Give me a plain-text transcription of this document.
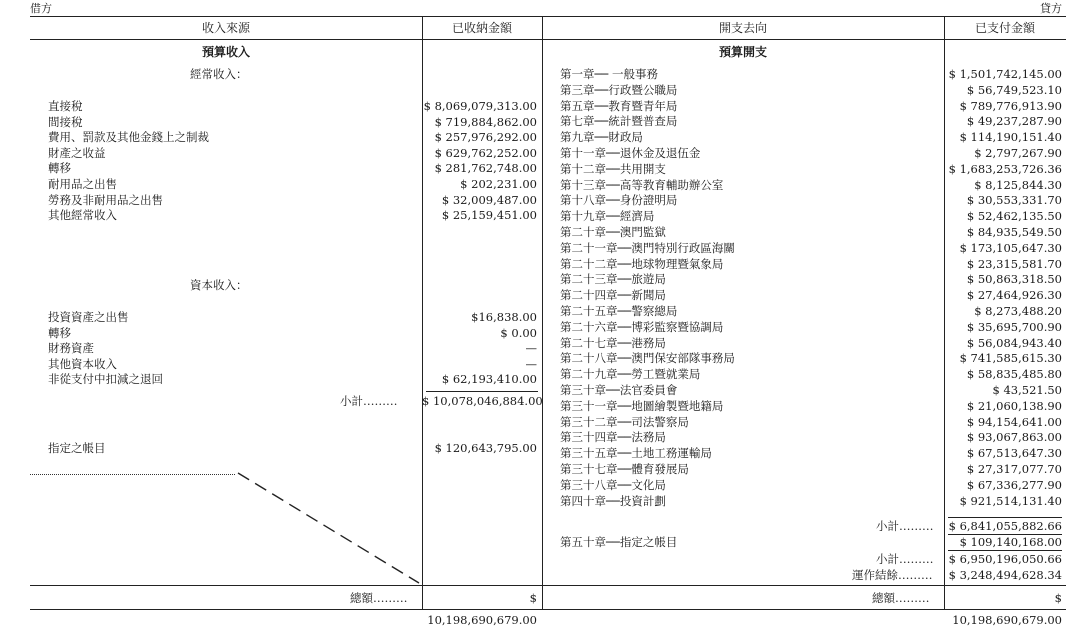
借方	貸方
收入來源	已收納金額	開支去向	已支付金額
預算收入
經常收入：
直接稅	$ 8,069,079,313.00
間接稅	$ 719,884,862.00
費用、罰款及其他金錢上之制裁	$ 257,976,292.00
財產之收益	$ 629,762,252.00
轉移	$ 281,762,748.00
耐用品之出售	$ 202,231.00
勞務及非耐用品之出售	$ 32,009,487.00
其他經常收入	$ 25,159,451.00
資本收入：
投資資產之出售	$16,838.00
轉移	$ 0.00
財務資產	—
其他資本收入	—
非從支付中扣減之退回	$ 62,193,410.00
小計……… $ 10,078,046,884.00
指定之帳目	$ 120,643,795.00
預算開支
第一章── 一般事務	$ 1,501,742,145.00
第三章──行政暨公職局	$ 56,749,523.10
第五章──教育暨青年局	$ 789,776,913.90
第七章──統計暨普查局	$ 49,237,287.90
第九章──財政局	$ 114,190,151.40
第十一章──退休金及退伍金	$ 2,797,267.90
第十二章──共用開支	$ 1,683,253,726.36
第十三章──高等教育輔助辦公室	$ 8,125,844.30
第十八章──身份證明局	$ 30,553,331.70
第十九章──經濟局	$ 52,462,135.50
第二十章──澳門監獄	$ 84,935,549.50
第二十一章──澳門特別行政區海關	$ 173,105,647.30
第二十二章──地球物理暨氣象局	$ 23,315,581.70
第二十三章──旅遊局	$ 50,863,318.50
第二十四章──新聞局	$ 27,464,926.30
第二十五章──警察總局	$ 8,273,488.20
第二十六章──博彩監察暨協調局	$ 35,695,700.90
第二十七章──港務局	$ 56,084,943.40
第二十八章──澳門保安部隊事務局	$ 741,585,615.30
第二十九章──勞工暨就業局	$ 58,835,485.80
第三十章──法官委員會	$ 43,521.50
第三十一章──地圖繪製暨地籍局	$ 21,060,138.90
第三十二章──司法警察局	$ 94,154,641.00
第三十四章──法務局	$ 93,067,863.00
第三十五章──土地工務運輸局	$ 67,513,647.30
第三十七章──體育發展局	$ 27,317,077.70
第三十八章──文化局	$ 67,336,277.90
第四十章──投資計劃	$ 921,514,131.40
小計………	$ 6,841,055,882.66
第五十章──指定之帳目	$ 109,140,168.00
小計………	$ 6,950,196,050.66
運作結餘………	$ 3,248,494,628.34
總額………	$ 10,198,690,679.00
總額………	$ 10,198,690,679.00
